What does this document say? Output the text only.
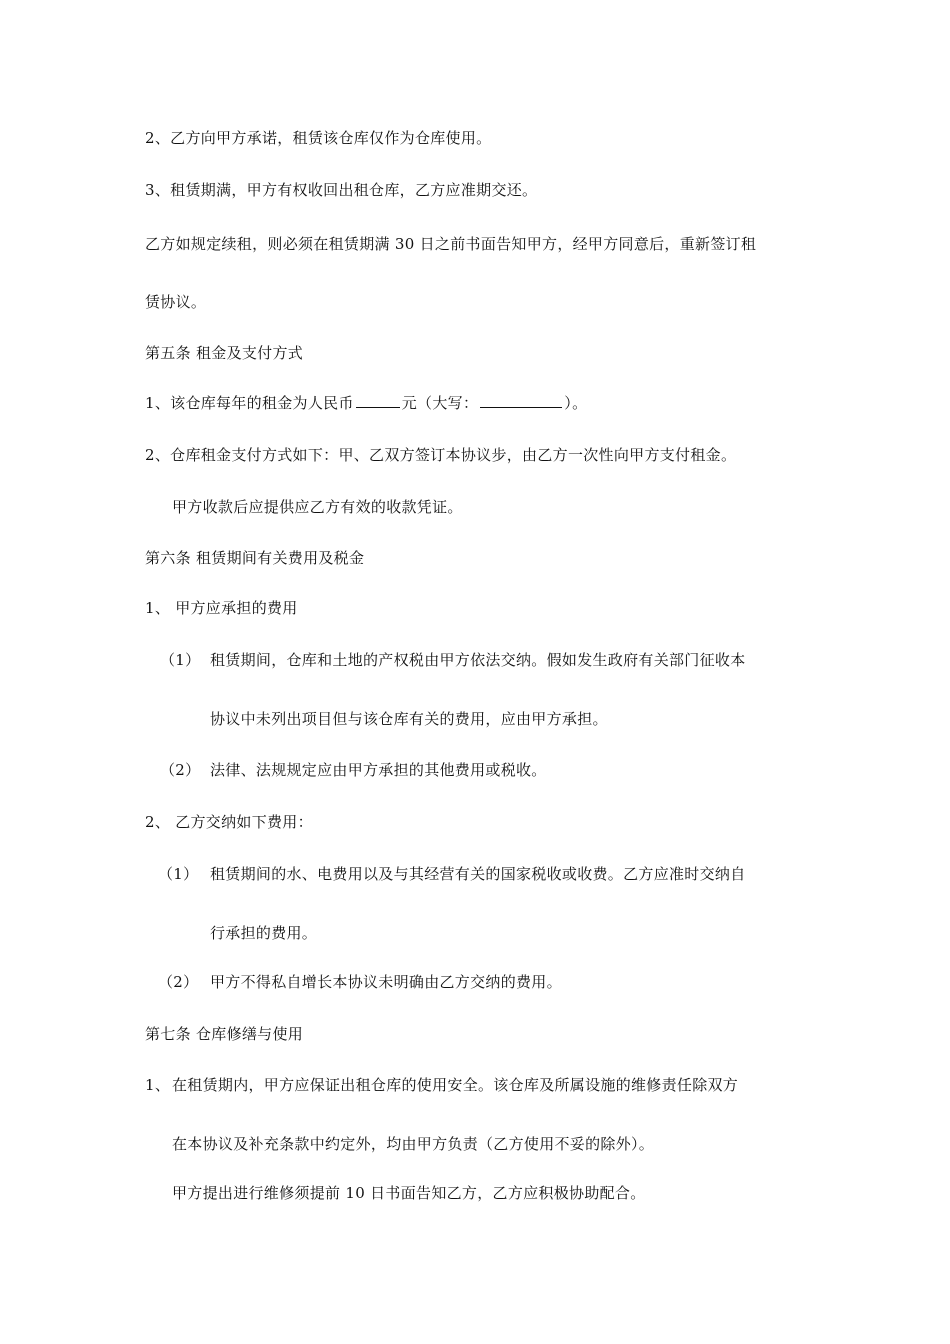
2、乙方向甲方承诺，租赁该仓库仅作为仓库使用。
3、租赁期满，甲方有权收回出租仓库，乙方应准期交还。
乙方如规定续租，则必须在租赁期满 30 日之前书面告知甲方，经甲方同意后，重新签订租
赁协议。
第五条 租金及支付方式
1、该仓库每年的租金为人民币	元（大写：	）。
2、仓库租金支付方式如下：甲、乙双方签订本协议步，由乙方一次性向甲方支付租金。
甲方收款后应提供应乙方有效的收款凭证。
第六条 租赁期间有关费用及税金
1、 甲方应承担的费用
（1） 租赁期间，仓库和土地的产权税由甲方依法交纳。假如发生政府有关部门征收本
协议中未列出项目但与该仓库有关的费用，应由甲方承担。
（2） 法律、法规规定应由甲方承担的其他费用或税收。
2、 乙方交纳如下费用：
（1） 租赁期间的水、电费用以及与其经营有关的国家税收或收费。乙方应准时交纳自
行承担的费用。
（2） 甲方不得私自增长本协议未明确由乙方交纳的费用。
第七条 仓库修缮与使用
1、 在租赁期内，甲方应保证出租仓库的使用安全。该仓库及所属设施的维修责任除双方
在本协议及补充条款中约定外，均由甲方负责（乙方使用不妥的除外）。
甲方提出进行维修须提前 10 日书面告知乙方，乙方应积极协助配合。
